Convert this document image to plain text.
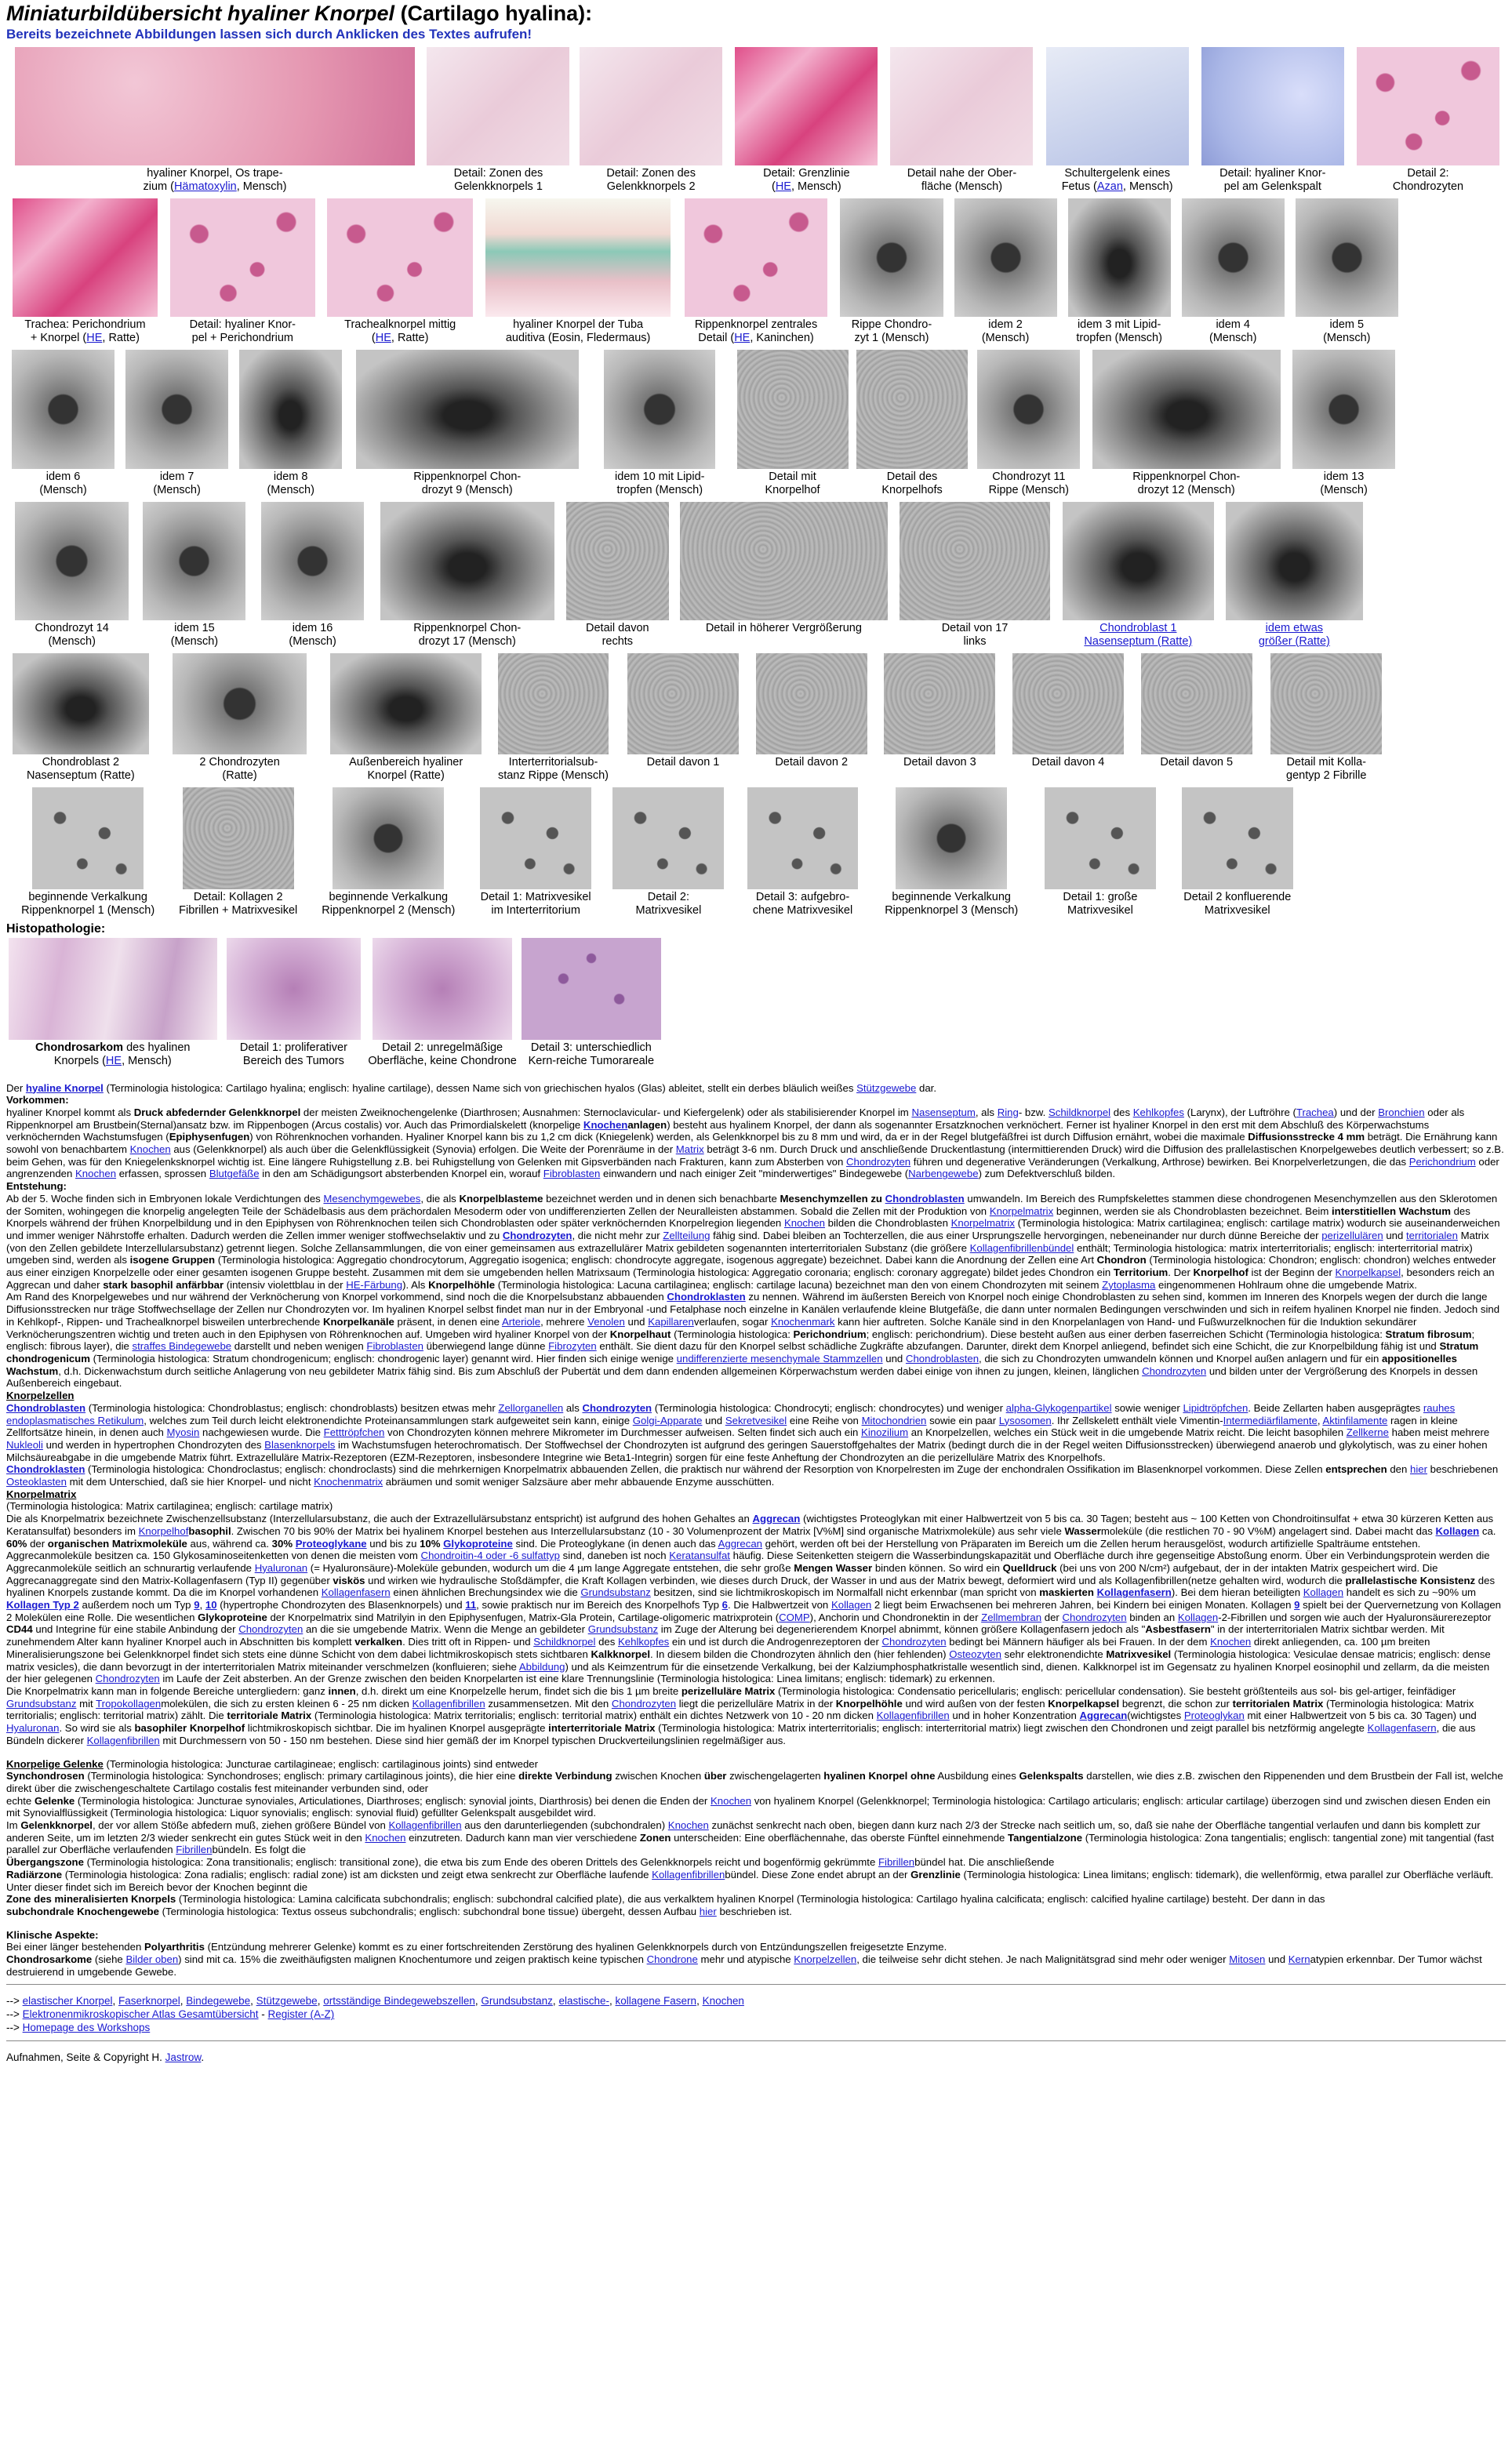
Miniaturbildübersicht hyaliner Knorpel (Cartilago hyalina):
Bereits bezeichnete Abbildungen lassen sich durch Anklicken des Textes aufrufen!
hyaliner Knorpel, Os trape-
zium (Hämatoxylin, Mensch)
Detail: Zonen des
Gelenkknorpels 1
Detail: Zonen des
Gelenkknorpels 2
Detail: Grenzlinie
(HE, Mensch)
Detail nahe der Ober-
fläche (Mensch)
Schultergelenk eines
Fetus (Azan, Mensch)
Detail: hyaliner Knor-
pel am Gelenkspalt
Detail 2:
Chondrozyten
Trachea: Perichondrium
+ Knorpel (HE, Ratte)
Detail: hyaliner Knor-
pel + Perichondrium
Trachealknorpel mittig
(HE, Ratte)
hyaliner Knorpel der Tuba
auditiva (Eosin, Fledermaus)
Rippenknorpel zentrales
Detail (HE, Kaninchen)
Rippe Chondro-
zyt 1 (Mensch)
idem 2
(Mensch)
idem 3 mit Lipid-
tropfen (Mensch)
idem 4
(Mensch)
idem 5
(Mensch)
idem 6
(Mensch)
idem 7
(Mensch)
idem 8
(Mensch)
Rippenknorpel Chon-
drozyt 9 (Mensch)
idem 10 mit Lipid-
tropfen (Mensch)
Detail mit
Knorpelhof
Detail des
Knorpelhofs
Chondrozyt 11
Rippe (Mensch)
Rippenknorpel Chon-
drozyt 12 (Mensch)
idem 13
(Mensch)
Chondrozyt 14
(Mensch)
idem 15
(Mensch)
idem 16
(Mensch)
Rippenknorpel Chon-
drozyt 17 (Mensch)
Detail davon
rechts
Detail in höherer Vergrößerung	Detail von 17
links
Chondroblast 1
Nasenseptum (Ratte)
idem etwas
größer (Ratte)
Chondroblast 2
Nasenseptum (Ratte)
2 Chondrozyten
(Ratte)
Außenbereich hyaliner
Knorpel (Ratte)
Interterritorialsub-
stanz Rippe (Mensch)
Detail davon 1	Detail davon 2	Detail davon 3	Detail davon 4	Detail davon 5	Detail mit Kolla-
gentyp 2 Fibrille
beginnende Verkalkung
Rippenknorpel 1 (Mensch)
Detail: Kollagen 2
Fibrillen + Matrixvesikel
beginnende Verkalkung
Rippenknorpel 2 (Mensch)
Detail 1: Matrixvesikel
im Interterritorium
Detail 2:
Matrixvesikel
Detail 3: aufgebro-
chene Matrixvesikel
beginnende Verkalkung
Rippenknorpel 3 (Mensch)
Detail 1: große
Matrixvesikel
Detail 2 konfluerende
Matrixvesikel
Histopathologie:
Chondrosarkom des hyalinen
Knorpels (HE, Mensch)
Detail 1: proliferativer
Bereich des Tumors
Detail 2: unregelmäßige
Oberfläche, keine Chondrone
Detail 3: unterschiedlich
Kern-reiche Tumorareale

Der hyaline Knorpel (Terminologia histologica: Cartilago hyalina; englisch: hyaline cartilage), dessen Name sich von griechischen hyalos (Glas) ableitet, stellt ein derbes bläulich weißes Stützgewebe dar.

Vorkommen:
hyaliner Knorpel kommt als Druck abfedernder Gelenkknorpel der meisten Zweiknochengelenke (Diarthrosen; Ausnahmen: Sternoclavicular- und Kiefergelenk) oder als stabilisierender Knorpel im Nasenseptum, als Ring- bzw. Schildknorpel des Kehlkopfes (Larynx), der Luftröhre (Trachea) und der Bronchien oder als Rippenknorpel am Brustbein(Sternal)ansatz bzw. im Rippenbogen (Arcus costalis) vor. Auch das Primordialskelett (knorpelige Knochenanlagen) besteht aus hyalinem Knorpel, der dann als sogenannter Ersatzknochen verknöchert. Ferner ist hyaliner Knorpel in den erst mit dem Abschluß des Körperwachstums verknöchernden Wachstumsfugen (Epiphysenfugen) von Röhrenknochen vorhanden. Hyaliner Knorpel kann bis zu 1,2 cm dick (Kniegelenk) werden, als Gelenkknorpel bis zu 8 mm und wird, da er in der Regel blutgefäßfrei ist durch Diffusion ernährt, wobei die maximale Diffusionsstrecke 4 mm beträgt. Die Ernährung kann sowohl von benachbartem Knochen aus (Gelenkknorpel) als auch über die Gelenkflüssigkeit (Synovia) erfolgen. Die Weite der Porenräume in der Matrix beträgt 3-6 nm. Durch Druck und anschließende Druckentlastung (intermittierenden Druck) wird die Diffusion des prallelastischen Knorpelgewebes deutlich verbessert; so z.B. beim Gehen, was für den Kniegelenksknorpel wichtig ist. Eine längere Ruhigstellung z.B. bei Ruhigstellung von Gelenken mit Gipsverbänden nach Frakturen, kann zum Absterben von Chondrozyten führen und degenerative Veränderungen (Verkalkung, Arthrose) bewirken. Bei Knorpelverletzungen, die das Perichondrium oder angrenzenden Knochen erfassen, sprossen Blutgefäße in den am Schädigungsort absterbenden Knorpel ein, worauf Fibroblasten einwandern und nach einiger Zeit "minderwertiges" Bindegewebe (Narbengewebe) zum Defektverschluß bilden.
Entstehung:
Ab der 5. Woche finden sich in Embryonen lokale Verdichtungen des Mesenchymgewebes, die als Knorpelblasteme bezeichnet werden und in denen sich benachbarte Mesenchymzellen zu Chondroblasten umwandeln. Im Bereich des Rumpfskelettes stammen diese chondrogenen Mesenchymzellen aus den Sklerotomen der Somiten, wohingegen die knorpelig angelegten Teile der Schädelbasis aus dem prächordalen Mesoderm oder von undifferenzierten Zellen der Neuralleisten abstammen. Sobald die Zellen mit der Produktion von Knorpelmatrix beginnen, werden sie als Chondroblasten bezeichnet. Beim interstitiellen Wachstum des Knorpels während der frühen Knorpelbildung und in den Epiphysen von Röhrenknochen teilen sich Chondroblasten oder später verknöchernden Knorpelregion liegenden Knochen bilden die Chondroblasten Knorpelmatrix (Terminologia histologica: Matrix cartilaginea; englisch: cartilage matrix) wodurch sie auseinanderweichen und immer weniger Nährstoffe erhalten. Dadurch werden die Zellen immer weniger stoffwechselaktiv und zu Chondrozyten, die nicht mehr zur Zellteilung fähig sind. Dabei bleiben an Tochterzellen, die aus einer Ursprungszelle hervorgingen, nebeneinander nur durch dünne Bereiche der perizellulären und territorialen Matrix (von den Zellen gebildete Interzellularsubstanz) getrennt liegen. Solche Zellansammlungen, die von einer gemeinsamen aus extrazellulärer Matrix gebildeten sogenannten interterritorialen Substanz (die größere Kollagenfibrillenbündel enthält; Terminologia histologica: matrix interterritorialis; englisch: interterritorial matrix) umgeben sind, werden als isogene Gruppen (Terminologia histologica: Aggregatio chondrocytorum, Aggregatio isogenica; englisch: chondrocyte aggregate, isogenous aggregate) bezeichnet. Dabei kann die Anordnung der Zellen eine Art Chondron (Terminologia histologica: Chondron; englisch: chondron) welches entweder aus einer einzigen Knorpelzelle oder einer gesamten isogenen Gruppe besteht. Zusammen mit dem sie umgebenden hellen Matrixsaum (Terminologia histologica: Aggregatio coronaria; englisch: coronary aggregate) bildet jedes Chondron ein Territorium. Der Knorpelhof ist der Beginn der Knorpelkapsel, besonders reich an Aggrecan und daher stark basophil anfärbbar (intensiv violettblau in der HE-Färbung). Als Knorpelhöhle (Terminologia histologica: Lacuna cartilaginea; englisch: cartilage lacuna) bezeichnet man den von einem Chondrozyten mit seinem Zytoplasma eingenommenen Hohlraum ohne die umgebende Matrix.
Am Rand des Knorpelgewebes und nur während der Verknöcherung von Knorpel vorkommend, sind noch die die Knorpelsubstanz abbauenden Chondroklasten zu nennen. Während im äußersten Bereich von Knorpel noch einige Chondroblasten zu sehen sind, kommen im Inneren des Knorpels wegen der durch die lange Diffusionsstrecken nur träge Stoffwechsellage der Zellen nur Chondrozyten vor. Im hyalinen Knorpel selbst findet man nur in der Embryonal -und Fetalphase noch einzelne in Kanälen verlaufende kleine Blutgefäße, die dann unter normalen Bedingungen verschwinden und sich in reifem hyalinen Knorpel nie finden. Jedoch sind in Kehlkopf-, Rippen- und Trachealknorpel bisweilen unterbrechende Knorpelkanäle präsent, in denen eine Arteriole, mehrere Venolen und Kapillarenverlaufen, sogar Knochenmark kann hier auftreten. Solche Kanäle sind in den Knorpelanlagen von Hand- und Fußwurzelknochen für die Induktion sekundärer Verknöcherungszentren wichtig und treten auch in den Epiphysen von Röhrenknochen auf. Umgeben wird hyaliner Knorpel von der Knorpelhaut (Terminologia histologica: Perichondrium; englisch: perichondrium). Diese besteht außen aus einer derben faserreichen Schicht (Terminologia histologica: Stratum fibrosum; englisch: fibrous layer), die straffes Bindegewebe darstellt und neben wenigen Fibroblasten überwiegend lange dünne Fibrozyten enthält. Sie dient dazu für den Knorpel selbst schädliche Zugkräfte abzufangen. Darunter, direkt dem Knorpel anliegend, befindet sich eine Schicht, die zur Knorpelbildung fähig ist und Stratum chondrogenicum (Terminologia histologica: Stratum chondrogenicum; englisch: chondrogenic layer) genannt wird. Hier finden sich einige wenige undifferenzierte mesenchymale Stammzellen und Chondroblasten, die sich zu Chondrozyten umwandeln können und Knorpel außen anlagern und für ein appositionelles Wachstum, d.h. Dickenwachstum durch seitliche Anlagerung von neu gebildeter Matrix fähig sind. Bis zum Abschluß der Pubertät und dem dann endenden allgemeinen Körperwachstum werden dabei einige von ihnen zu jungen, kleinen, länglichen Chondrozyten und bilden unter der Vergrößerung des Knorpels in dessen Außenbereich eingebaut.
Knorpelzellen
Chondroblasten (Terminologia histologica: Chondroblastus; englisch: chondroblasts) besitzen etwas mehr Zellorganellen als Chondrozyten (Terminologia histologica: Chondrocyti; englisch: chondrocytes) und weniger alpha-Glykogenpartikel sowie weniger Lipidtröpfchen. Beide Zellarten haben ausgeprägtes rauhes endoplasmatisches Retikulum, welches zum Teil durch leicht elektronendichte Proteinansammlungen stark aufgeweitet sein kann, einige Golgi-Apparate und Sekretvesikel eine Reihe von Mitochondrien sowie ein paar Lysosomen. Ihr Zellskelett enthält viele Vimentin-Intermediärfilamente, Aktinfilamente ragen in kleine Zellfortsätze hinein, in denen auch Myosin nachgewiesen wurde. Die Fetttröpfchen von Chondrozyten können mehrere Mikrometer im Durchmesser aufweisen. Selten findet sich auch ein Kinozilium an Knorpelzellen, welches ein Stück weit in die umgebende Matrix reicht. Die leicht basophilen Zellkerne haben meist mehrere Nukleoli und werden in hypertrophen Chondrozyten des Blasenknorpels im Wachstumsfugen heterochromatisch. Der Stoffwechsel der Chondrozyten ist aufgrund des geringen Sauerstoffgehaltes der Matrix (bedingt durch die in der Regel weiten Diffusionsstrecken) überwiegend anaerob und glykolytisch, was zu einer hohen Milchsäureabgabe in die umgebende Matrix führt. Extrazelluläre Matrix-Rezeptoren (EZM-Rezeptoren, insbesondere Integrine wie Beta1-Integrin) sorgen für eine feste Anheftung der Chondrozyten an die perizelluläre Matrix des Knorpelhofs.
Chondroklasten (Terminologia histologica: Chondroclastus; englisch: chondroclasts) sind die mehrkernigen Knorpelmatrix abbauenden Zellen, die praktisch nur während der Resorption von Knorpelresten im Zuge der enchondralen Ossifikation im Blasenknorpel vorkommen. Diese Zellen entsprechen den hier beschriebenen Osteoklasten mit dem Unterschied, daß sie hier Knorpel- und nicht Knochenmatrix abräumen und somit weniger Salzsäure aber mehr abbauende Enzyme ausschütten.
Knorpelmatrix
(Terminologia histologica: Matrix cartilaginea; englisch: cartilage matrix)
Die als Knorpelmatrix bezeichnete Zwischenzellsubstanz (Interzellularsubstanz, die auch der Extrazellulärsubstanz entspricht) ist aufgrund des hohen Gehaltes an Aggrecan (wichtigstes Proteoglykan mit einer Halbwertzeit von 5 bis ca. 30 Tagen; besteht aus ~ 100 Ketten von Chondroitinsulfat + etwa 30 kürzeren Ketten aus Keratansulfat) besonders im Knorpelhofbasophil. Zwischen 70 bis 90% der Matrix bei hyalinem Knorpel bestehen aus Interzellularsubstanz (10 - 30 Volumenprozent der Matrix [V%M] sind organische Matrixmoleküle) aus sehr viele Wassermoleküle (die restlichen 70 - 90 V%M) angelagert sind. Dabei macht das Kollagen ca. 60% der organischen Matrixmoleküle aus, während ca. 30% Proteoglykane und bis zu 10% Glykoproteine sind. Die Proteoglykane (in denen auch das Aggrecan gehört, werden oft bei der Herstellung von Präparaten im Bereich um die Zellen herum herausgelöst, wodurch artifizielle Spalträume entstehen. Aggrecanmoleküle besitzen ca. 150 Glykosaminoseitenketten von denen die meisten vom Chondroitin-4 oder -6 sulfattyp sind, daneben ist noch Keratansulfat häufig. Diese Seitenketten steigern die Wasserbindungskapazität und Oberfläche durch ihre gegenseitige Abstoßung enorm. Über ein Verbindungsprotein werden die Aggrecanmoleküle seitlich an schnurartig verlaufende Hyaluronan (= Hyaluronsäure)-Moleküle gebunden, wodurch um die 4 µm lange Aggregate entstehen, die sehr große Mengen Wasser binden können. So wird ein Quelldruck (bei uns von 200 N/cm²) aufgebaut, der in der intakten Matrix gespeichert wird. Die Aggrecanaggregate sind den Matrix-Kollagenfasern (Typ II) gegenüber viskös und wirken wie hydraulische Stoßdämpfer, die Kraft Kollagen verbinden, wie dieses durch Druck, der Wasser in und aus der Matrix bewegt, deformiert wird und als Kollagenfibrillen(netze gehalten wird, wodurch die prallelastische Konsistenz des hyalinen Knorpels zustande kommt. Da die im Knorpel vorhandenen Kollagenfasern einen ähnlichen Brechungsindex wie die Grundsubstanz besitzen, sind sie lichtmikroskopisch im Normalfall nicht erkennbar (man spricht von maskierten Kollagenfasern). Bei dem hieran beteiligten Kollagen handelt es sich zu ~90% um Kollagen Typ 2 außerdem noch um Typ 9, 10 (hypertrophe Chondrozyten des Blasenknorpels) und 11, sowie praktisch nur im Bereich des Knorpelhofs Typ 6. Die Halbwertzeit von Kollagen 2 liegt beim Erwachsenen bei mehreren Jahren, bei Kindern bei einigen Monaten. Kollagen 9 spielt bei der Quervernetzung von Kollagen 2 Molekülen eine Rolle. Die wesentlichen Glykoproteine der Knorpelmatrix sind Matrilyin in den Epiphysenfugen, Matrix-Gla Protein, Cartilage-oligomeric matrixprotein (COMP), Anchorin und Chondronektin in der Zellmembran der Chondrozyten binden an Kollagen-2-Fibrillen und sorgen wie auch der Hyaluronsäurerezeptor CD44 und Integrine für eine stabile Anbindung der Chondrozyten an die sie umgebende Matrix. Wenn die Menge an gebildeter Grundsubstanz im Zuge der Alterung bei degenerierendem Knorpel abnimmt, können größere Kollagenfasern jedoch als "Asbestfasern" in der interterritorialen Matrix sichtbar werden. Mit zunehmendem Alter kann hyaliner Knorpel auch in Abschnitten bis komplett verkalken. Dies tritt oft in Rippen- und Schildknorpel des Kehlkopfes ein und ist durch die Androgenrezeptoren der Chondrozyten bedingt bei Männern häufiger als bei Frauen. In der dem Knochen direkt anliegenden, ca. 100 µm breiten Mineralisierungszone bei Gelenkknorpel findet sich stets eine dünne Schicht von dem dabei lichtmikroskopisch stets sichtbaren Kalkknorpel. In diesem bilden die Chondrozyten ähnlich den (hier fehlenden) Osteozyten sehr elektronendichte Matrixvesikel (Terminologia histologica: Vesiculae densae matricis; englisch: dense matrix vesicles), die dann bevorzugt in der interterritorialen Matrix miteinander verschmelzen (konfluieren; siehe Abbildung) und als Keimzentrum für die einsetzende Verkalkung, bei der Kalziumphosphatkristalle wesentlich sind, dienen. Kalkknorpel ist im Gegensatz zu hyalinen Knorpel eosinophil und zellarm, da die meisten der hier gelegenen Chondrozyten im Laufe der Zeit absterben. An der Grenze zwischen den beiden Knorpelarten ist eine klare Trennungslinie (Terminologia histologica: Linea limitans; englisch: tidemark) zu erkennen.
Die Knorpelmatrix kann man in folgende Bereiche untergliedern: ganz innen, d.h. direkt um eine Knorpelzelle herum, findet sich die bis 1 µm breite perizelluläre Matrix (Terminologia histologica: Condensatio pericellularis; englisch: pericellular condensation). Sie besteht größtenteils aus sol- bis gel-artiger, feinfädiger Grundsubstanz mit Tropokollagenmolekülen, die sich zu ersten kleinen 6 - 25 nm dicken Kollagenfibrillen zusammensetzen. Mit den Chondrozyten liegt die perizelluläre Matrix in der Knorpelhöhle und wird außen von der festen Knorpelkapsel begrenzt, die schon zur territorialen Matrix (Terminologia histologica: Matrix territorialis; englisch: territorial matrix) zählt. Die territoriale Matrix (Terminologia histologica: Matrix territorialis; englisch: territorial matrix) enthält ein dichtes Netzwerk von 10 - 20 nm dicken Kollagenfibrillen und in hoher Konzentration Aggrecan(wichtigstes Proteoglykan mit einer Halbwertzeit von 5 bis ca. 30 Tagen) und Hyaluronan. So wird sie als basophiler Knorpelhof lichtmikroskopisch sichtbar. Die im hyalinen Knorpel ausgeprägte interterritoriale Matrix (Terminologia histologica: Matrix interterritorialis; englisch: interterritorial matrix) liegt zwischen den Chondronen und zeigt parallel bis netzförmig angelegte Kollagenfasern, die aus Bündeln dickerer Kollagenfibrillen mit Durchmessern von 50 - 150 nm bestehen. Diese sind hier gemäß der im Knorpel typischen Druckverteilungslinien regelmäßiger aus.
Knorpelige Gelenke (Terminologia histologica: Juncturae cartilagineae; englisch: cartilaginous joints) sind entweder
Synchondrosen (Terminologia histologica: Synchondroses; englisch: primary cartilaginous joints), die hier eine direkte Verbindung zwischen Knochen über zwischengelagerten hyalinen Knorpel ohne Ausbildung eines Gelenkspalts darstellen, wie dies z.B. zwischen den Rippenenden und dem Brustbein der Fall ist, welche direkt über die zwischengeschaltete Cartilago costalis fest miteinander verbunden sind, oder
echte Gelenke (Terminologia histologica: Juncturae synoviales, Articulationes, Diarthroses; englisch: synovial joints, Diarthrosis) bei denen die Enden der Knochen von hyalinem Knorpel (Gelenkknorpel; Terminologia histologica: Cartilago articularis; englisch: articular cartilage) überzogen sind und zwischen diesen Enden ein mit Synovialflüssigkeit (Terminologia histologica: Liquor synovialis; englisch: synovial fluid) gefüllter Gelenkspalt ausgebildet wird.
Im Gelenkknorpel, der vor allem Stöße abfedern muß, ziehen größere Bündel von Kollagenfibrillen aus den darunterliegenden (subchondralen) Knochen zunächst senkrecht nach oben, biegen dann kurz nach 2/3 der Strecke nach seitlich um, so, daß sie nahe der Oberfläche tangential verlaufen und dann bis komplett zur anderen Seite, um im letzten 2/3 wieder senkrecht ein gutes Stück weit in den Knochen einzutreten. Dadurch kann man vier verschiedene Zonen unterscheiden: Eine oberflächennahe, das oberste Fünftel einnehmende Tangentialzone (Terminologia histologica: Zona tangentialis; englisch: tangential zone) mit tangential (fast parallel zur Oberfläche verlaufenden Fibrillenbündeln. Es folgt die
Übergangszone (Terminologia histologica: Zona transitionalis; englisch: transitional zone), die etwa bis zum Ende des oberen Drittels des Gelenkknorpels reicht und bogenförmig gekrümmte Fibrillenbündel hat. Die anschließende
Radiärzone (Terminologia histologica: Zona radialis; englisch: radial zone) ist am dicksten und zeigt etwa senkrecht zur Oberfläche laufende Kollagenfibrillenbündel. Diese Zone endet abrupt an der Grenzlinie (Terminologia histologica: Linea limitans; englisch: tidemark), die wellenförmig, etwa parallel zur Oberfläche verläuft. Unter dieser findet sich im Bereich bevor der Knochen beginnt die
Zone des mineralisierten Knorpels (Terminologia histologica: Lamina calcificata subchondralis; englisch: subchondral calcified plate), die aus verkalktem hyalinen Knorpel (Terminologia histologica: Cartilago hyalina calcificata; englisch: calcified hyaline cartilage) besteht. Der dann in das
subchondrale Knochengewebe (Terminologia histologica: Textus osseus subchondralis; englisch: subchondral bone tissue) übergeht, dessen Aufbau hier beschrieben ist.
Klinische Aspekte:
Bei einer länger bestehenden Polyarthritis (Entzündung mehrerer Gelenke) kommt es zu einer fortschreitenden Zerstörung des hyalinen Gelenkknorpels durch von Entzündungszellen freigesetzte Enzyme.
Chondrosarkome (siehe Bilder oben) sind mit ca. 15% die zweithäufigsten malignen Knochentumore und zeigen praktisch keine typischen Chondrone mehr und atypische Knorpelzellen, die teilweise sehr dicht stehen. Je nach Malignitätsgrad sind mehr oder weniger Mitosen und Kernatypien erkennbar. Der Tumor wächst destruierend in umgebende Gewebe.
--> elastischer Knorpel, Faserknorpel, Bindegewebe, Stützgewebe, ortsständige Bindegewebszellen, Grundsubstanz, elastische-, kollagene Fasern, Knochen
--> Elektronenmikroskopischer Atlas Gesamtübersicht - Register (A-Z)
--> Homepage des Workshops
Aufnahmen, Seite & Copyright H. Jastrow.
